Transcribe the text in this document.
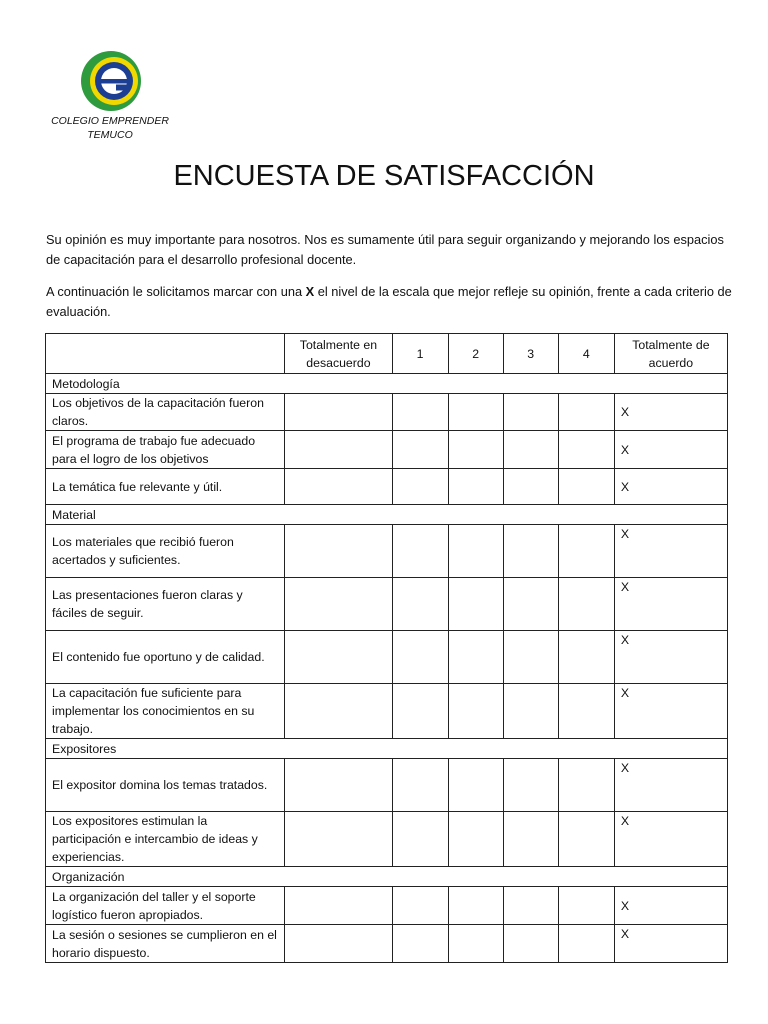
COLEGIO EMPRENDER
TEMUCO
ENCUESTA DE SATISFACCIÓN

Su opinión es muy importante para nosotros. Nos es sumamente útil para seguir organizando y mejorando los espacios de capacitación para el desarrollo profesional docente.

A continuación le solicitamos marcar con una X el nivel de la escala que mejor refleje su opinión, frente a cada criterio de evaluación.

	Totalmente en desacuerdo	1	2	3	4	Totalmente de acuerdo
Metodología						
Los objetivos de la capacitación fueron claros.						X
El programa de trabajo fue adecuado para el logro de los objetivos						X
La temática fue relevante y útil.						X
Material						
Los materiales que recibió fueron acertados y suficientes.						X
Las presentaciones fueron claras y fáciles de seguir.						X
El contenido fue oportuno y de calidad.						X
La capacitación fue suficiente para implementar los conocimientos en su trabajo.						X
Expositores						
El expositor domina los temas tratados.						X
Los expositores estimulan la participación e intercambio de ideas y experiencias.						X
Organización						
La organización del taller y el soporte logístico fueron apropiados.						X
La sesión o sesiones se cumplieron en el horario dispuesto.						X
